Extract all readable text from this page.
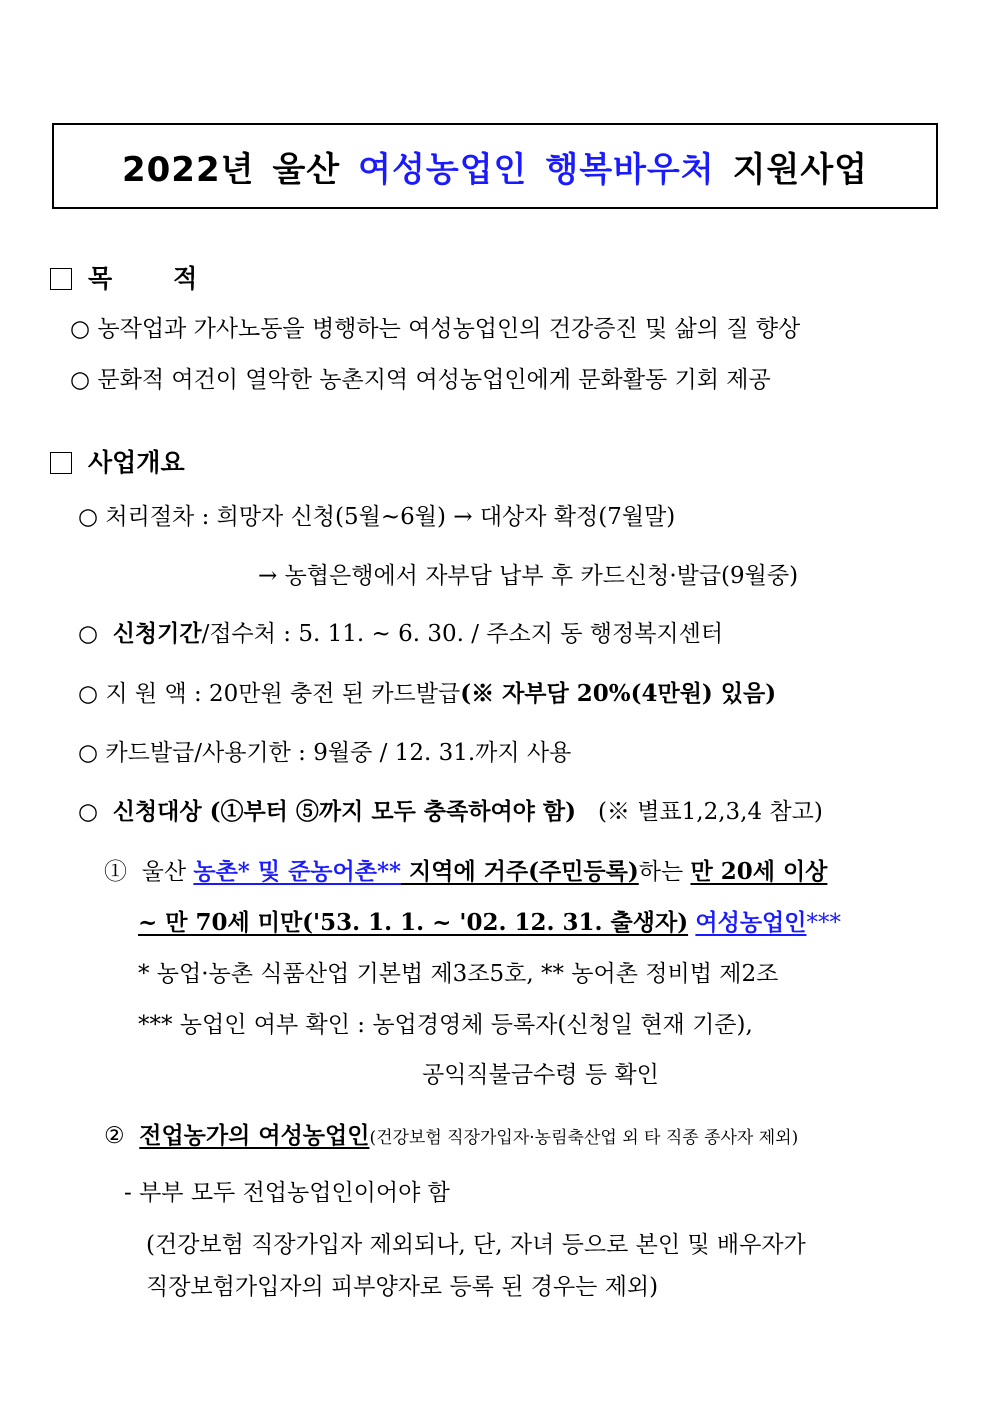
2022년 울산 여성농업인 행복바우처 지원사업
목       적
○ 농작업과 가사노동을 병행하는 여성농업인의 건강증진 및 삶의 질 향상
○ 문화적 여건이 열악한 농촌지역 여성농업인에게 문화활동 기회 제공
사업개요
○ 처리절차 : 희망자 신청(5월~6월) → 대상자 확정(7월말)
→ 농협은행에서 자부담 납부 후 카드신청·발급(9월중)
○  신청기간/접수처 : 5. 11. ~ 6. 30. / 주소지 동 행정복지센터
○ 지 원 액 : 20만원 충전 된 카드발급(※ 자부담 20%(4만원) 있음)
○ 카드발급/사용기한 : 9월중 / 12. 31.까지 사용
○  신청대상 (①부터 ⑤까지 모두 충족하여야 함) (※ 별표1,2,3,4 참고)
① 울산 농촌* 및 준농어촌** 지역에 거주(주민등록)하는 만 20세 이상
~ 만 70세 미만('53. 1. 1. ~ '02. 12. 31. 출생자) 여성농업인***
* 농업·농촌 식품산업 기본법 제3조5호, ** 농어촌 정비법 제2조
*** 농업인 여부 확인 : 농업경영체 등록자(신청일 현재 기준),
공익직불금수령 등 확인
② 전업농가의 여성농업인(건강보험 직장가입자·농림축산업 외 타 직종 종사자 제외)
- 부부 모두 전업농업인이어야 함
(건강보험 직장가입자 제외되나, 단, 자녀 등으로 본인 및 배우자가
직장보험가입자의 피부양자로 등록 된 경우는 제외)
